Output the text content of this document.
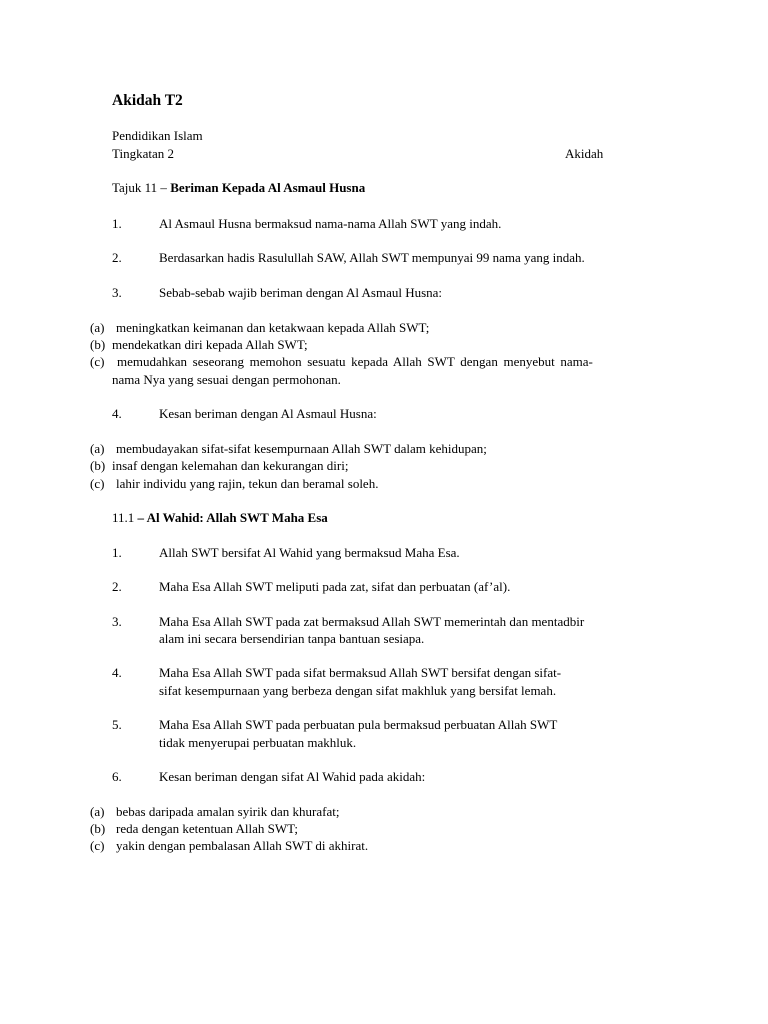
Akidah T2
Pendidikan Islam
Tingkatan 2	Akidah
Tajuk 11 – Beriman Kepada Al Asmaul Husna
1.	Al Asmaul Husna bermaksud nama-nama Allah SWT yang indah.
2.	Berdasarkan hadis Rasulullah SAW, Allah SWT mempunyai 99 nama yang indah.
3.	Sebab-sebab wajib beriman dengan Al Asmaul Husna:
(a) meningkatkan keimanan dan ketakwaan kepada Allah SWT;
(b) mendekatkan diri kepada Allah SWT;
(c) memudahkan seseorang memohon sesuatu kepada Allah SWT dengan menyebut nama-
nama Nya yang sesuai dengan permohonan.
4.	Kesan beriman dengan Al Asmaul Husna:
(a) membudayakan sifat-sifat kesempurnaan Allah SWT dalam kehidupan;
(b) insaf dengan kelemahan dan kekurangan diri;
(c) lahir individu yang rajin, tekun dan beramal soleh.
11.1 – Al Wahid: Allah SWT Maha Esa
1.	Allah SWT bersifat Al Wahid yang bermaksud Maha Esa.
2.	Maha Esa Allah SWT meliputi pada zat, sifat dan perbuatan (af’al).
3.	Maha Esa Allah SWT pada zat bermaksud Allah SWT memerintah dan mentadbir
alam ini secara bersendirian tanpa bantuan sesiapa.
4.	Maha Esa Allah SWT pada sifat bermaksud Allah SWT bersifat dengan sifat-
sifat kesempurnaan yang berbeza dengan sifat makhluk yang bersifat lemah.
5.	Maha Esa Allah SWT pada perbuatan pula bermaksud perbuatan Allah SWT
tidak menyerupai perbuatan makhluk.
6.	Kesan beriman dengan sifat Al Wahid pada akidah:
(a) bebas daripada amalan syirik dan khurafat;
(b) reda dengan ketentuan Allah SWT;
(c) yakin dengan pembalasan Allah SWT di akhirat.
